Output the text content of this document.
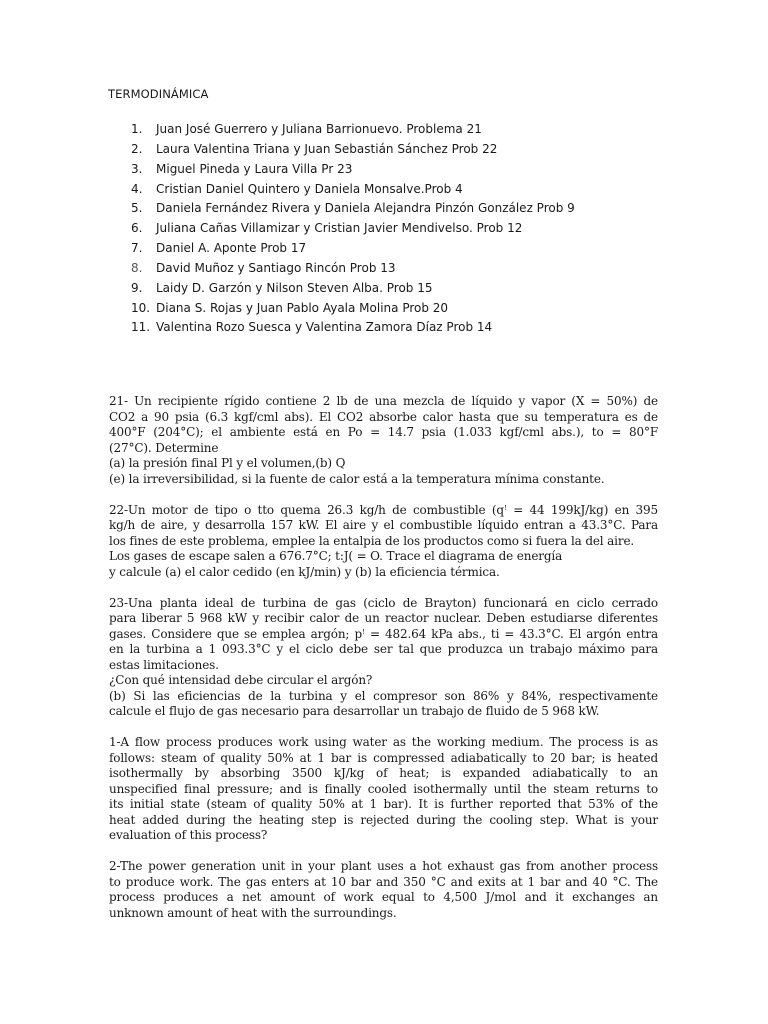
TERMODINÁMICA
1. Juan José Guerrero y Juliana Barrionuevo. Problema 21
2. Laura Valentina Triana y Juan Sebastián Sánchez Prob 22
3. Miguel Pineda y Laura Villa Pr 23
4. Cristian Daniel Quintero y Daniela Monsalve.Prob 4
5. Daniela Fernández Rivera y Daniela Alejandra Pinzón González Prob 9
6. Juliana Cañas Villamizar y Cristian Javier Mendivelso. Prob 12
7. Daniel A. Aponte Prob 17
8. David Muñoz y Santiago Rincón Prob 13
9. Laidy D. Garzón y Nilson Steven Alba. Prob 15
10. Diana S. Rojas y Juan Pablo Ayala Molina Prob 20
11. Valentina Rozo Suesca y Valentina Zamora Díaz Prob 14
21- Un recipiente rígido contiene 2 lb de una mezcla de líquido y vapor (X = 50%) de
CO2 a 90 psia (6.3 kgf/cml abs). El CO2 absorbe calor hasta que su temperatura es de
400°F (204°C); el ambiente está en Po = 14.7 psia (1.033 kgf/cml abs.), to = 80°F
(27°C). Determine
(a) la presión final Pl y el volumen,(b) Q
(e) la irreversibilidad, si la fuente de calor está a la temperatura mínima constante.
22-Un motor de tipo o tto quema 26.3 kg/h de combustible (qꜝ = 44 199kJ/kg) en 395
kg/h de aire, y desarrolla 157 kW. El aire y el combustible líquido entran a 43.3°C. Para
los fines de este problema, emplee la entalpia de los productos como si fuera la del aire.
Los gases de escape salen a 676.7°C; t:J( = O. Trace el diagrama de energía
y calcule (a) el calor cedido (en kJ/min) y (b) la eficiencia térmica.
23-Una planta ideal de turbina de gas (ciclo de Brayton) funcionará en ciclo cerrado
para liberar 5 968 kW y recibir calor de un reactor nuclear. Deben estudiarse diferentes
gases. Considere que se emplea argón; pꜝ = 482.64 kPa abs., ti = 43.3°C. El argón entra
en la turbina a 1 093.3°C y el ciclo debe ser tal que produzca un trabajo máximo para
estas limitaciones.
¿Con qué intensidad debe circular el argón?
(b) Si las eficiencias de la turbina y el compresor son 86% y 84%, respectivamente
calcule el flujo de gas necesario para desarrollar un trabajo de fluido de 5 968 kW.
1-A flow process produces work using water as the working medium. The process is as
follows: steam of quality 50% at 1 bar is compressed adiabatically to 20 bar; is heated
isothermally by absorbing 3500 kJ/kg of heat; is expanded adiabatically to an
unspecified final pressure; and is finally cooled isothermally until the steam returns to
its initial state (steam of quality 50% at 1 bar). It is further reported that 53% of the
heat added during the heating step is rejected during the cooling step. What is your
evaluation of this process?
2-The power generation unit in your plant uses a hot exhaust gas from another process
to produce work. The gas enters at 10 bar and 350 °C and exits at 1 bar and 40 °C. The
process produces a net amount of work equal to 4,500 J/mol and it exchanges an
unknown amount of heat with the surroundings.
